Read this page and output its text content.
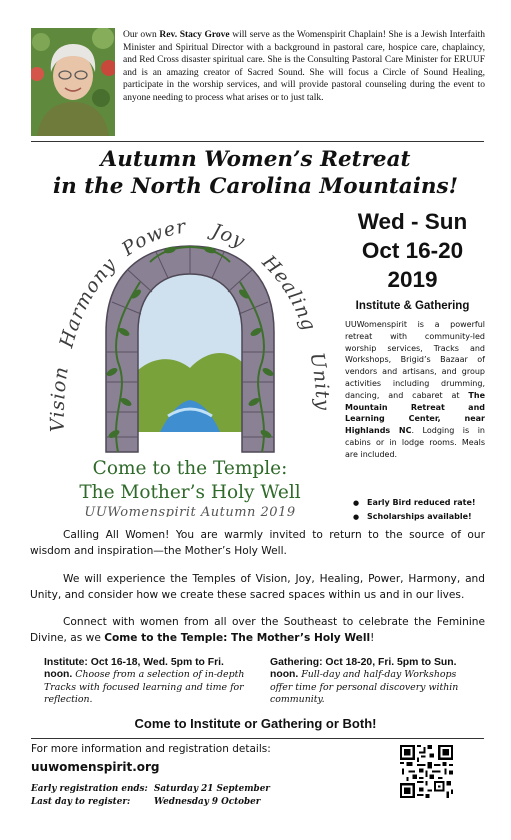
Our own Rev. Stacy Grove will serve as the Womenspirit Chaplain! She is a Jewish Interfaith Minister and Spiritual Director with a background in pastoral care, hospice care, chaplaincy, and Red Cross disaster spiritual care. She is the Consulting Pastoral Care Minister for ERUUF and is an amazing creator of Sacred Sound. She will focus a Circle of Sound Healing, participate in the worship services, and will provide pastoral counseling during the event to anyone needing to process what arises or to just talk.

Autumn Women’s Retreat
in the North Carolina Mountains!
Vision
Harmony
Power Joy
Healing
Unity
Come to the Temple:
The Mother’s Holy Well
UUWomenspirit Autumn 2019
Wed - Sun
Oct 16-20
2019
Institute & Gathering

UUWomenspirit is a powerful retreat with community-led worship services, Tracks and Workshops, Brigid’s Bazaar of vendors and artisans, and group activities including drumming, dancing, and cabaret at The Mountain Retreat and Learning Center, near Highlands NC. Lodging is in cabins or in lodge rooms. Meals are included.

● Early Bird reduced rate!
● Scholarships available!

Calling All Women! You are warmly invited to return to the source of our wisdom and inspiration—the Mother’s Holy Well.

We will experience the Temples of Vision, Joy, Healing, Power, Harmony, and Unity, and consider how we create these sacred spaces within us and in our lives.

Connect with women from all over the Southeast to celebrate the Feminine Divine, as we Come to the Temple: The Mother’s Holy Well!

Institute: Oct 16-18, Wed. 5pm to Fri. noon. Choose from a selection of in-depth Tracks with focused learning and time for reflection.
Gathering: Oct 18-20, Fri. 5pm to Sun. noon. Full-day and half-day Workshops offer time for personal discovery within community.
Come to Institute or Gathering or Both!
For more information and registration details:
uuwomenspirit.org
Early registration ends: Saturday 21 September
Last day to register:	Wednesday 9 October
